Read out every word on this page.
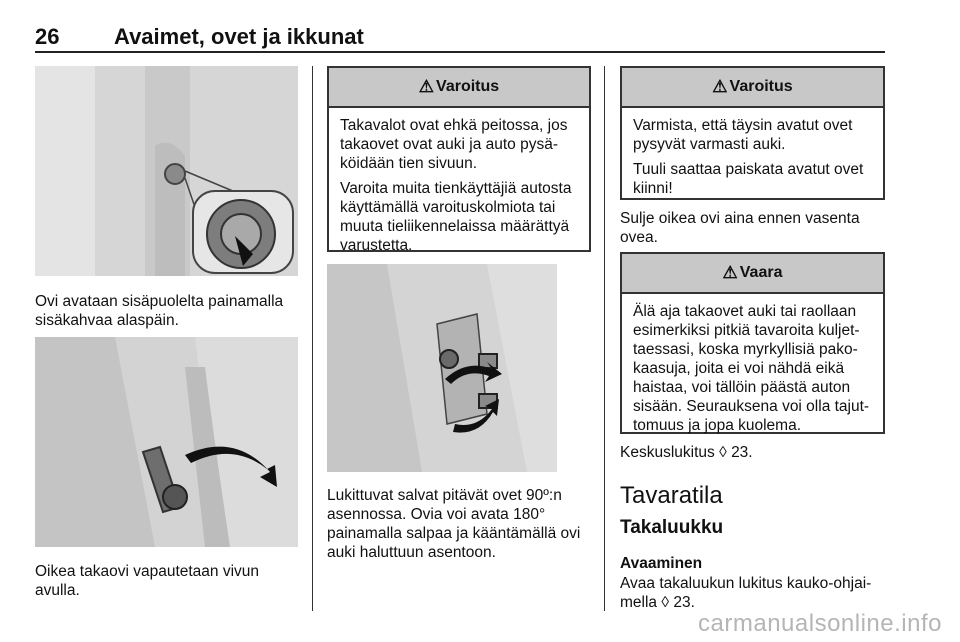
26 Avaimet, ovet ja ikkunat

Ovi avataan sisäpuolelta painamalla sisäkahvaa alaspäin.

Oikea takaovi vapautetaan vivun avulla.

⚠ Varoitus

Takavalot ovat ehkä peitossa, jos takaovet ovat auki ja auto pysä-köidään tien sivuun.

Varoita muita tienkäyttäjiä autosta käyttämällä varoituskolmiota tai muuta tieliikennelaissa määrättyä varustetta.

Lukittuvat salvat pitävät ovet 90º:n asennossa. Ovia voi avata 180° painamalla salpaa ja kääntämällä ovi auki haluttuun asentoon.

⚠ Varoitus

Varmista, että täysin avatut ovet pysyvät varmasti auki.

Tuuli saattaa paiskata avatut ovet kiinni!

Sulje oikea ovi aina ennen vasenta ovea.

⚠ Vaara

Älä aja takaovet auki tai raollaan esimerkiksi pitkiä tavaroita kuljet-taessasi, koska myrkyllisiä pako-kaasuja, joita ei voi nähdä eikä haistaa, voi tällöin päästä auton sisään. Seurauksena voi olla tajut-tomuus ja jopa kuolema.

Keskuslukitus ◊ 23.

Tavaratila
Takaluukku
Avaaminen

Avaa takaluukun lukitus kauko-ohjai-mella ◊ 23.

carmanualsonline.info
